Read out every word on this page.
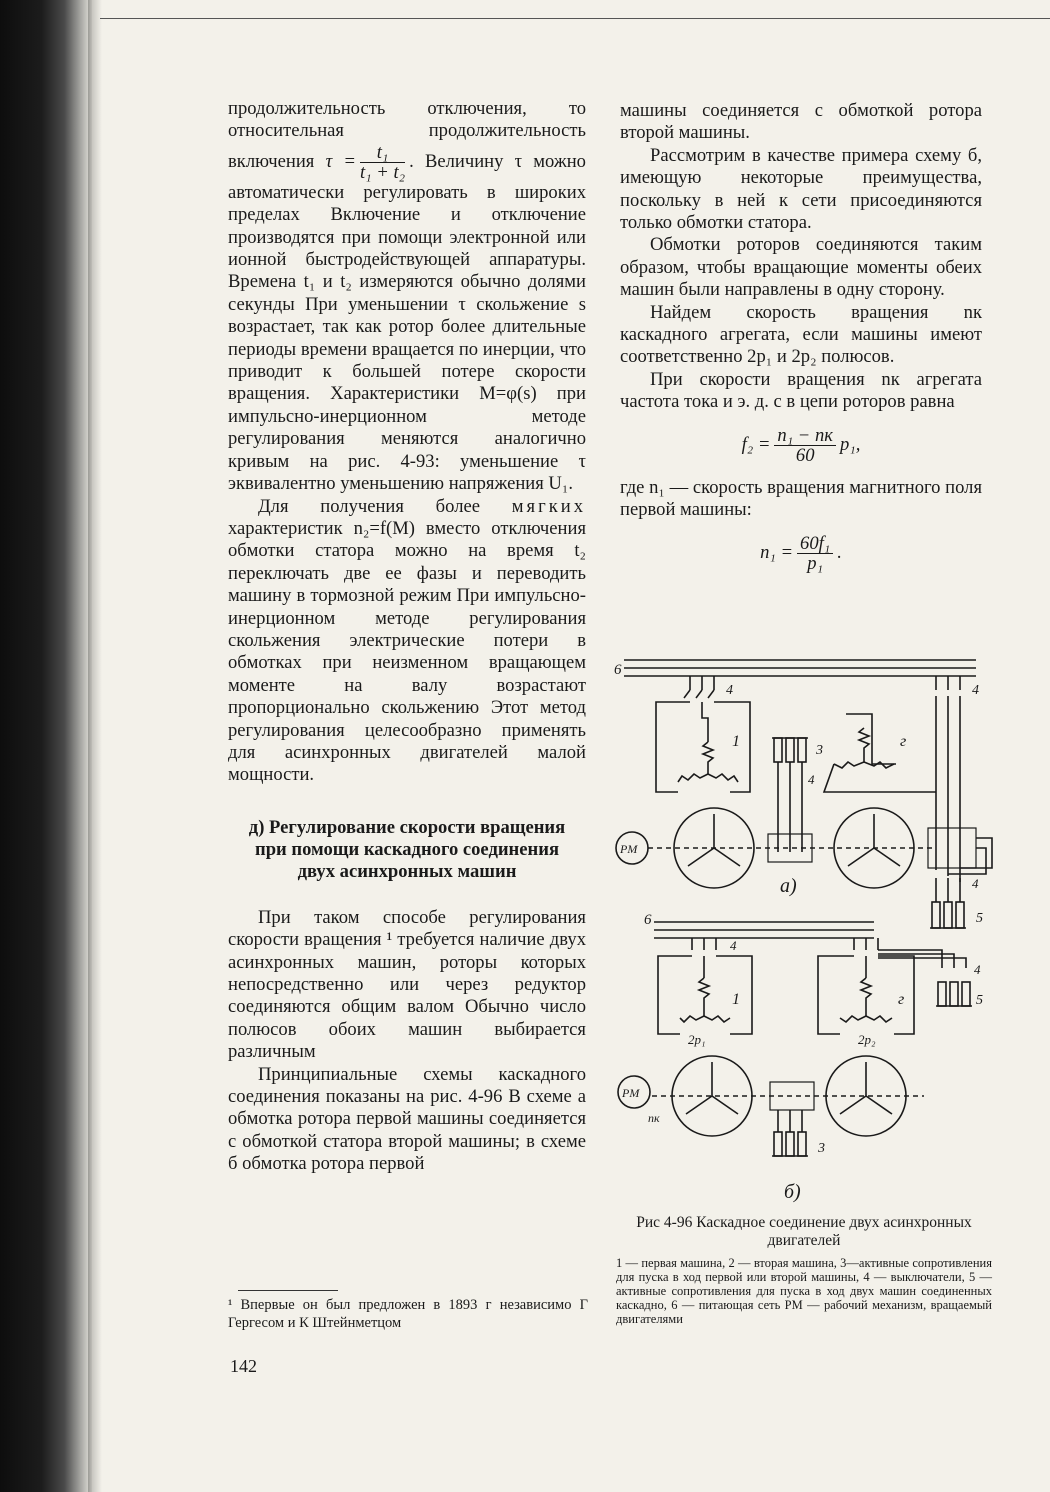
продолжительность отключения, то относительная продолжительность включения $\tau = \frac{\text{t₁}}{\text{t₁ + t₂}}$ . Величину τ можно автоматически регулировать в широких пределах Включение и отключение производятся при помощи электронной или ионной быстродействующей аппаратуры. Времена t₁ и t₂ измеряются обычно долями секунды При уменьшении τ скольжение s возрастает, так как ротор более длительные периоды времени вращается по инерции, что приводит к большей потере скорости вращения. Характеристики M=φ(s) при импульсно-инерционном методе регулирования меняются аналогично кривым на рис. 4-93: уменьшение τ эквивалентно уменьшению напряжения U₁.

Для получения более мягких характеристик n₂=f(M) вместо отключения обмотки статора можно на время t₂ переключать две ее фазы и переводить машину в тормозной режим При импульсно-инерционном методе регулирования скольжения электрические потери в обмотках при неизменном вращающем моменте на валу возрастают пропорционально скольжению Этот метод регулирования целесообразно применять для асинхронных двигателей малой мощности.

д) Регулирование скорости вращения при помощи каскадного соединения двух асинхронных машин

При таком способе регулирования скорости вращения ¹ требуется наличие двух асинхронных машин, роторы которых непосредственно или через редуктор соединяются общим валом Обычно число полюсов обоих машин выбирается различным

Принципиальные схемы каскадного соединения показаны на рис. 4-96 В схеме а обмотка ротора первой машины соединяется с обмоткой статора второй машины; в схеме б обмотка ротора первой

¹ Впервые он был предложен в 1893 г независимо Г Гергесом и К Штейнметцом
142

машины соединяется с обмоткой ротора второй машины.

Рассмотрим в качестве примера схему б, имеющую некоторые преимущества, поскольку в ней к сети присоединяются только обмотки статора.

Обмотки роторов соединяются таким образом, чтобы вращающие моменты обеих машин были направлены в одну сторону.

Найдем скорость вращения nк каскадного агрегата, если машины имеют соответственно 2p₁ и 2p₂ полюсов.

При скорости вращения nк агрегата частота тока и э. д. с в цепи роторов равна

$f_2 = \frac{\text{n₁ − nк}}{60} p_1$,

где n₁ — скорость вращения магнитного поля первой машины:

$n_1 = \frac{\text{60f₁}}{\text{p₁}}$ .

6
4
1
3
4
г
4
PM
4
5
а)
6
4
1
2p₁
г
2p₂
4
5
PM
nк
3
б)
Рис 4-96 Каскадное соединение двух асинхронных двигателей
1 — первая машина, 2 — вторая машина, 3—активные сопротивления для пуска в ход первой или второй машины, 4 — выключатели, 5 — активные сопротивления для пуска в ход двух машин соединенных каскадно, 6 — питающая сеть PM — рабочий механизм, вращаемый двигателями
